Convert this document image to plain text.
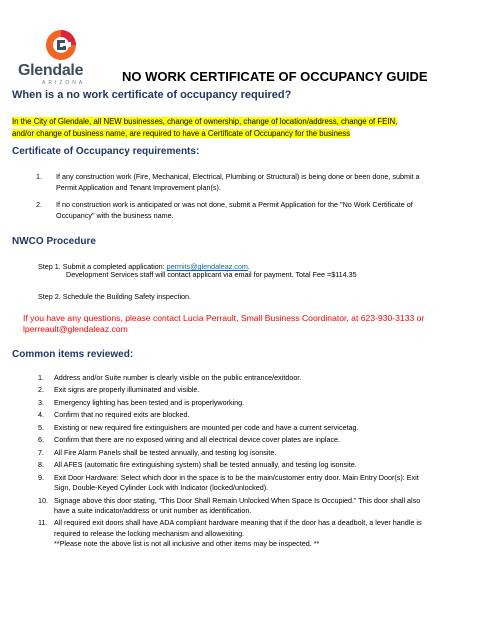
Glendale
ARIZONA	NO WORK CERTIFICATE OF OCCUPANCY GUIDE
When is a no work certificate of occupancy required?
In the City of Glendale, all NEW businesses, change of ownership, change of location/address, change of FEIN, and/or change of business name, are required to have a Certificate of Occupancy for the business
Certificate of Occupancy requirements:
1. If any construction work (Fire, Mechanical, Electrical, Plumbing or Structural) is being done or been done, submit a Permit Application and Tenant Improvement plan(s).
2. If no construction work is anticipated or was not done, submit a Permit Application for the "No Work Certificate of Occupancy" with the business name.
NWCO Procedure
Step 1. Submit a completed application: permits@glendaleaz.com.
Development Services staff will contact applicant via email for payment. Total Fee =$114.35
Step 2. Schedule the Building Safety inspection.
If you have any questions, please contact Lucia Perrault, Small Business Coordinator, at 623-930-3133 or lperreault@glendaleaz.com
Common items reviewed:
1. Address and/or Suite number is clearly visible on the public entrance/exitdoor.
2. Exit signs are properly illuminated and visible.
3. Emergency lighting has been tested and is properlyworking.
4. Confirm that no required exits are blocked.
5. Existing or new required fire extinguishers are mounted per code and have a current servicetag.
6. Confirm that there are no exposed wiring and all electrical device cover plates are inplace.
7. All Fire Alarm Panels shall be tested annually, and testing log isonsite.
8. All AFES (automatic fire extinguishing system) shall be tested annually, and testing log isonsite.
9. Exit Door Hardware: Select which door in the space is to be the main/customer entry door. Main Entry Door(s): Exit Sign, Double-Keyed Cylinder Lock with Indicator (locked/unlocked).
10. Signage above this door stating, “This Door Shall Remain Unlocked When Space Is Occupied.” This door shall also have a suite indicator/address or unit number as identification.
11. All required exit doors shall have ADA compliant hardware meaning that if the door has a deadbolt, a lever handle is required to release the locking mechanism and allowexiting.
**Please note the above list is not all inclusive and other items may be inspected. **
